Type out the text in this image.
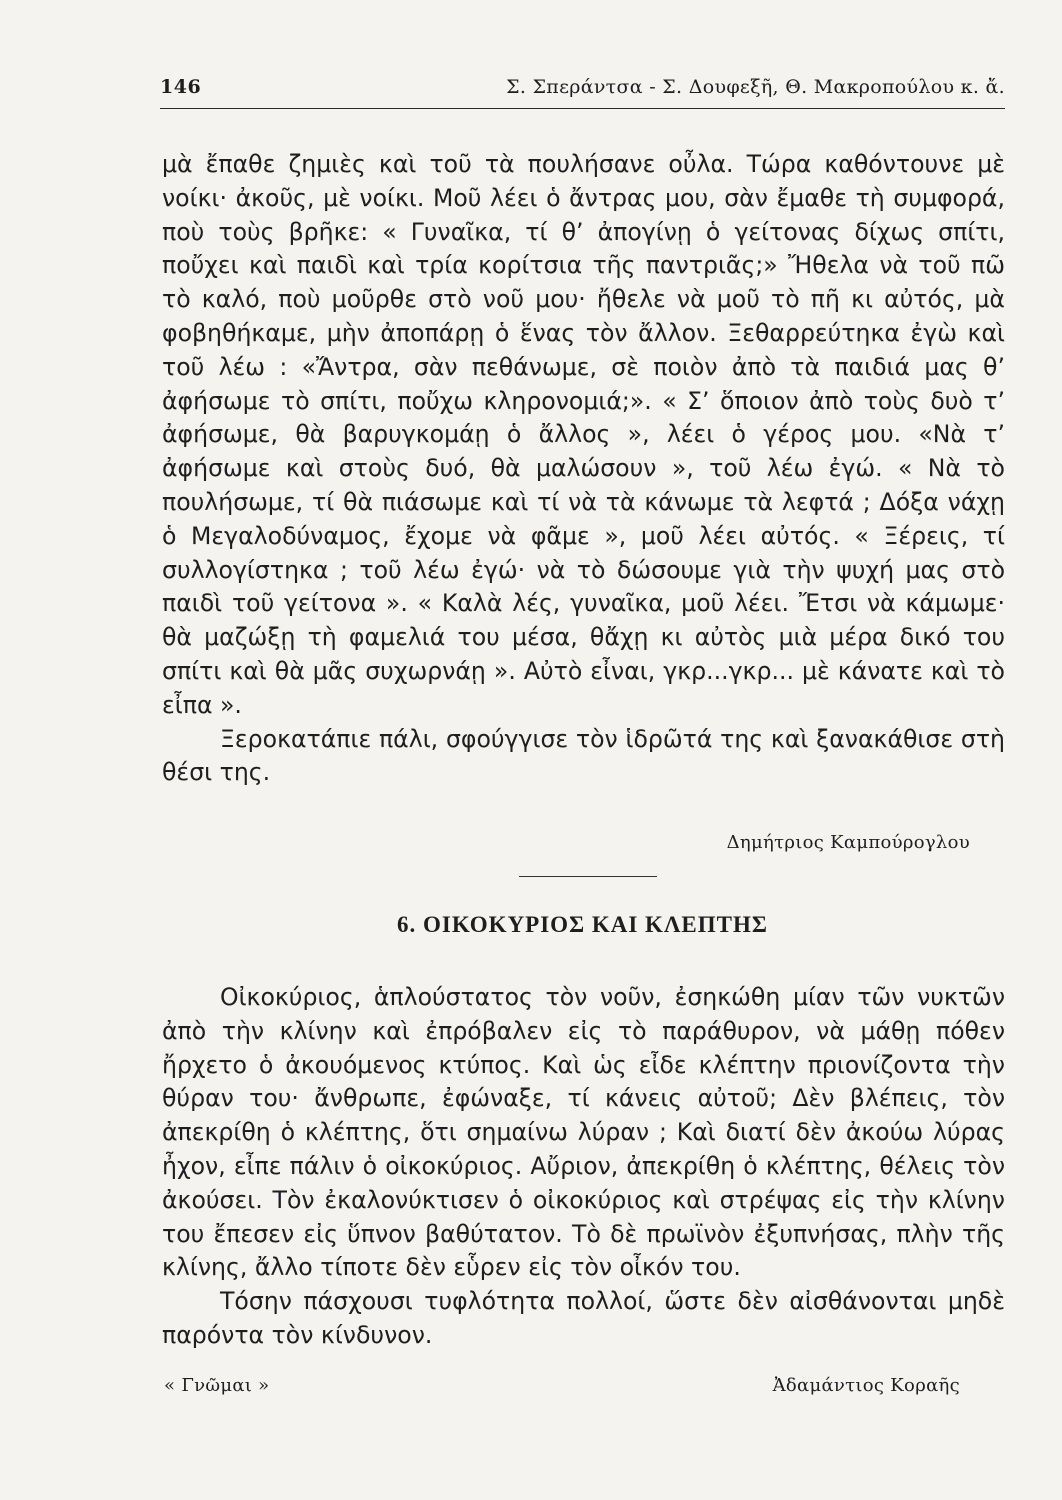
146	Σ. Σπεράντσα - Σ. Δουφεξῆ, Θ. Μακροπούλου κ. ἄ.

μὰ ἔπαθε ζημιὲς καὶ τοῦ τὰ πουλήσανε οὖλα. Τώρα καθόντουνε μὲ νοίκι· ἀκοῦς, μὲ νοίκι. Μοῦ λέει ὁ ἄντρας μου, σὰν ἔμαθε τὴ συμφορά, ποὺ τοὺς βρῆκε: « Γυναῖκα, τί θ’ ἀπογίνῃ ὁ γείτονας δίχως σπίτι, ποὔχει καὶ παιδὶ καὶ τρία κορίτσια τῆς παντριᾶς;» Ἤθελα νὰ τοῦ πῶ τὸ καλό, ποὺ μοῦρθε στὸ νοῦ μου· ἤθελε νὰ μοῦ τὸ πῆ κι αὐτός, μὰ φοβηθήκαμε, μὴν ἀποπάρῃ ὁ ἕνας τὸν ἄλλον. Ξεθαρρεύτηκα ἐγὼ καὶ τοῦ λέω : «Ἄντρα, σὰν πεθάνωμε, σὲ ποιὸν ἀπὸ τὰ παιδιά μας θ’ ἀφήσωμε τὸ σπίτι, ποὔχω κληρονομιά;». « Σ’ ὅποιον ἀπὸ τοὺς δυὸ τ’ ἀφήσωμε, θὰ βαρυγκομάῃ ὁ ἄλλος », λέει ὁ γέρος μου. «Νὰ τ’ ἀφήσωμε καὶ στοὺς δυό, θὰ μαλώσουν », τοῦ λέω ἐγώ. « Νὰ τὸ πουλήσωμε, τί θὰ πιάσωμε καὶ τί νὰ τὰ κάνωμε τὰ λεφτά ; Δόξα νάχῃ ὁ Μεγαλοδύναμος, ἔχομε νὰ φᾶμε », μοῦ λέει αὐτός. « Ξέρεις, τί συλλογίστηκα ; τοῦ λέω ἐγώ· νὰ τὸ δώσουμε γιὰ τὴν ψυχή μας στὸ παιδὶ τοῦ γείτονα ». « Καλὰ λές, γυναῖκα, μοῦ λέει. Ἔτσι νὰ κάμωμε· θὰ μαζώξῃ τὴ φαμελιά του μέσα, θἄχῃ κι αὐτὸς μιὰ μέρα δικό του σπίτι καὶ θὰ μᾶς συχωρνάῃ ». Αὐτὸ εἶναι, γκρ...γκρ... μὲ κάνατε καὶ τὸ εἶπα ».

Ξεροκατάπιε πάλι, σφούγγισε τὸν ἱδρῶτά της καὶ ξανακάθισε στὴ θέσι της.

Δημήτριος Καμπούρογλου
6. ΟΙΚΟΚΥΡΙΟΣ ΚΑΙ ΚΛΕΠΤΗΣ

Οἰκοκύριος, ἁπλούστατος τὸν νοῦν, ἐσηκώθη μίαν τῶν νυκτῶν ἀπὸ τὴν κλίνην καὶ ἐπρόβαλεν εἰς τὸ παράθυρον, νὰ μάθῃ πόθεν ἤρχετο ὁ ἀκουόμενος κτύπος. Καὶ ὡς εἶδε κλέπτην πριονίζοντα τὴν θύραν του· ἄνθρωπε, ἐφώναξε, τί κάνεις αὐτοῦ; Δὲν βλέπεις, τὸν ἀπεκρίθη ὁ κλέπτης, ὅτι σημαίνω λύραν ; Καὶ διατί δὲν ἀκούω λύρας ἦχον, εἶπε πάλιν ὁ οἰκοκύριος. Αὔριον, ἀπεκρίθη ὁ κλέπτης, θέλεις τὸν ἀκούσει. Τὸν ἐκαλονύκτισεν ὁ οἰκοκύριος καὶ στρέψας εἰς τὴν κλίνην του ἔπεσεν εἰς ὕπνον βαθύτατον. Τὸ δὲ πρωϊνὸν ἐξυπνήσας, πλὴν τῆς κλίνης, ἄλλο τίποτε δὲν εὗρεν εἰς τὸν οἶκόν του.

Τόσην πάσχουσι τυφλότητα πολλοί, ὥστε δὲν αἰσθάνονται μηδὲ παρόντα τὸν κίνδυνον.

« Γνῶμαι »	Ἀδαμάντιος Κοραῆς
